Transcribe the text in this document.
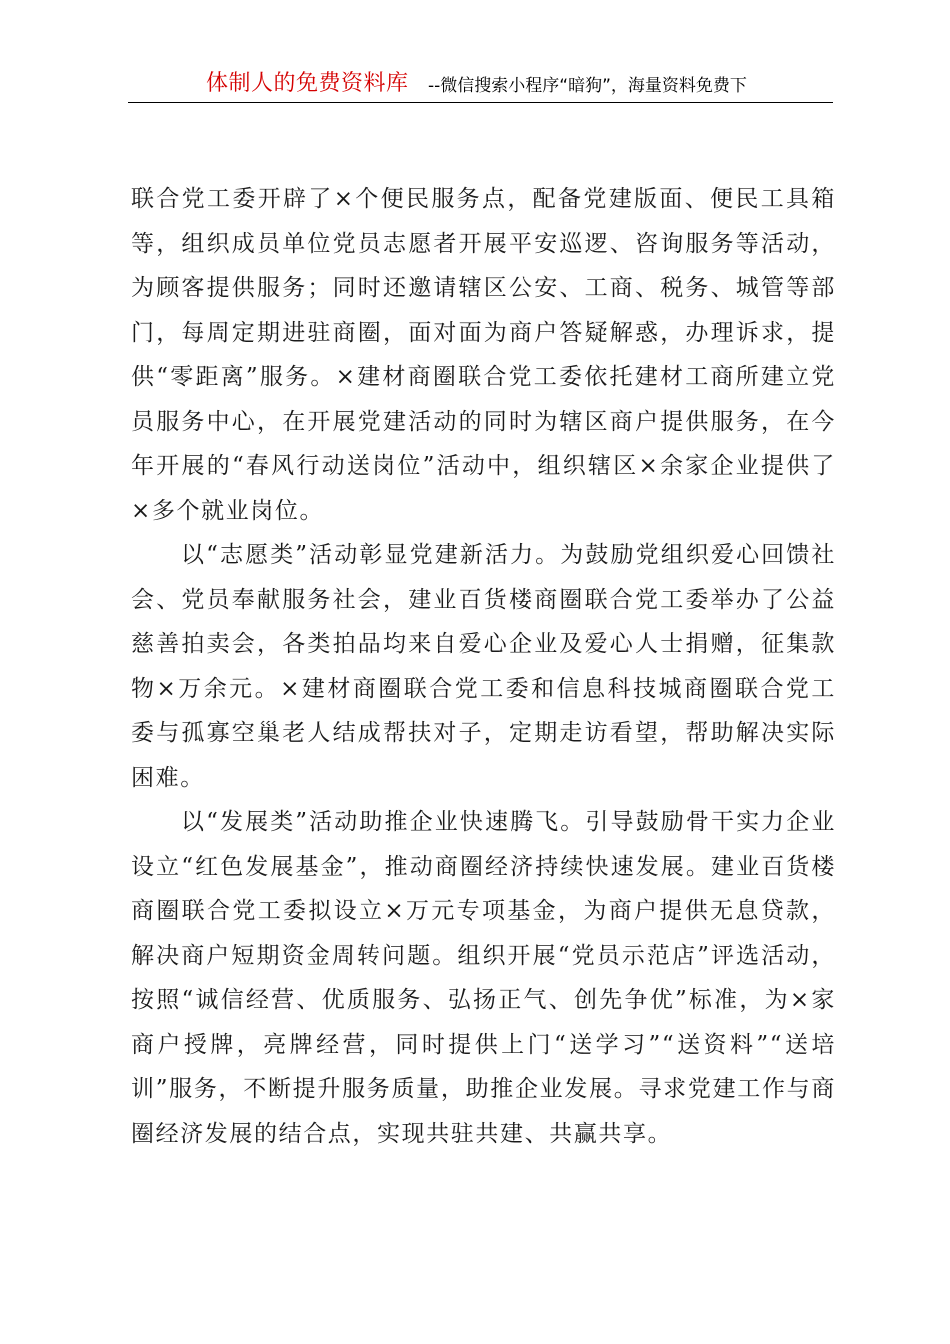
体制人的免费资料库 --微信搜索小程序“暗狗”，海量资料免费下

联合党工委开辟了×个便民服务点，配备党建版面、便民工具箱等，组织成员单位党员志愿者开展平安巡逻、咨询服务等活动，为顾客提供服务；同时还邀请辖区公安、工商、税务、城管等部门，每周定期进驻商圈，面对面为商户答疑解惑，办理诉求，提供“零距离”服务。×建材商圈联合党工委依托建材工商所建立党员服务中心，在开展党建活动的同时为辖区商户提供服务，在今年开展的“春风行动送岗位”活动中，组织辖区×余家企业提供了×多个就业岗位。

以“志愿类”活动彰显党建新活力。为鼓励党组织爱心回馈社会、党员奉献服务社会，建业百货楼商圈联合党工委举办了公益慈善拍卖会，各类拍品均来自爱心企业及爱心人士捐赠，征集款物×万余元。×建材商圈联合党工委和信息科技城商圈联合党工委与孤寡空巢老人结成帮扶对子，定期走访看望，帮助解决实际困难。

以“发展类”活动助推企业快速腾飞。引导鼓励骨干实力企业设立“红色发展基金”，推动商圈经济持续快速发展。建业百货楼商圈联合党工委拟设立×万元专项基金，为商户提供无息贷款，解决商户短期资金周转问题。组织开展“党员示范店”评选活动，按照“诚信经营、优质服务、弘扬正气、创先争优”标准，为×家商户授牌，亮牌经营，同时提供上门“送学习”“送资料”“送培训”服务，不断提升服务质量，助推企业发展。寻求党建工作与商圈经济发展的结合点，实现共驻共建、共赢共享。
